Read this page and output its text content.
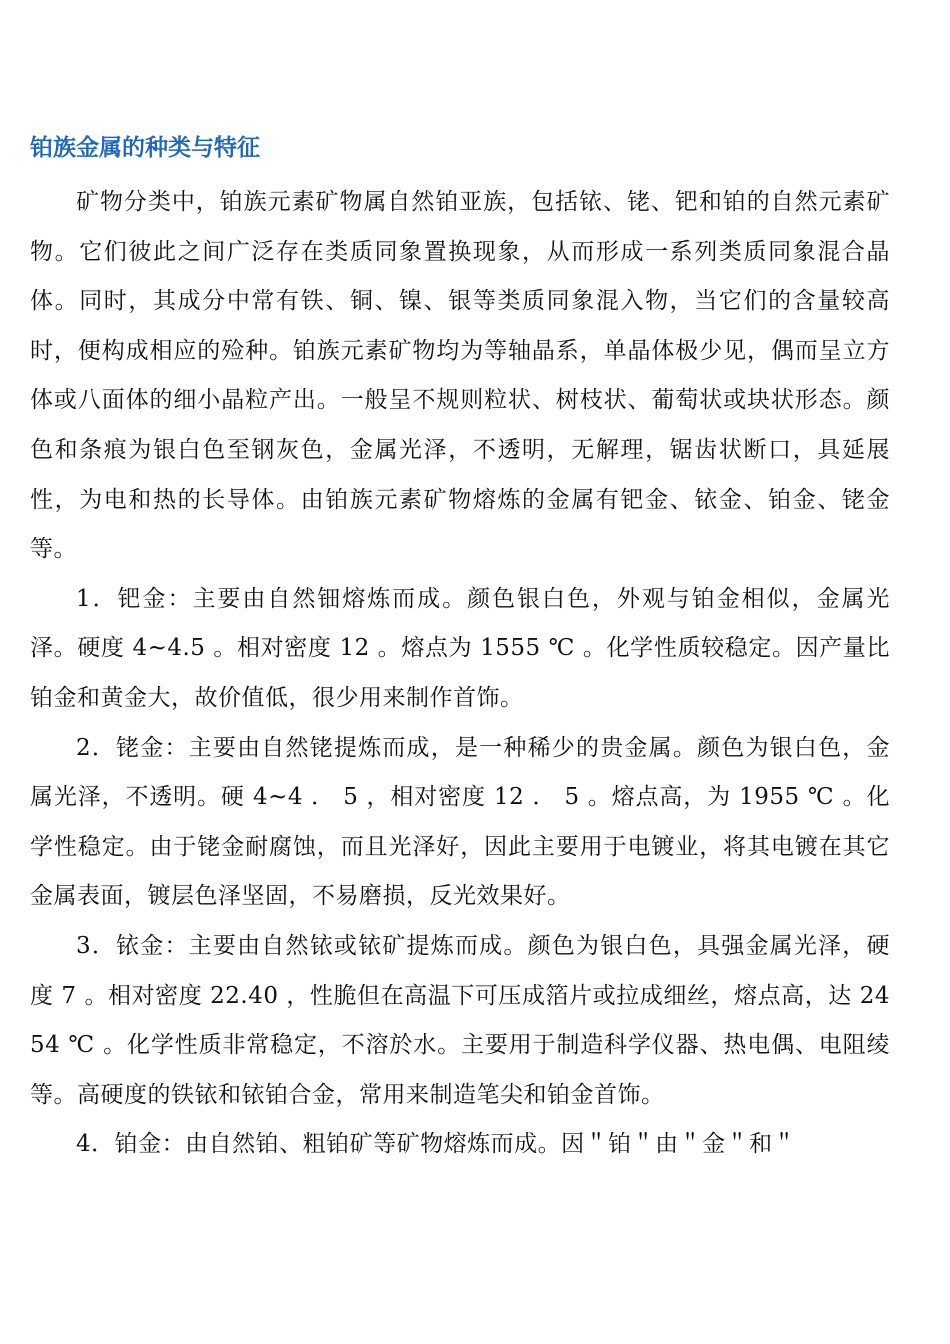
铂族金属的种类与特征

矿物分类中，铂族元素矿物属自然铂亚族，包括铱、铑、钯和铂的自然元素矿物。它们彼此之间广泛存在类质同象置换现象，从而形成一系列类质同象混合晶体。同时，其成分中常有铁、铜、镍、银等类质同象混入物，当它们的含量较高时，便构成相应的殓种。铂族元素矿物均为等轴晶系，单晶体极少见，偶而呈立方体或八面体的细小晶粒产出。一般呈不规则粒状、树枝状、葡萄状或块状形态。颜色和条痕为银白色至钢灰色，金属光泽，不透明，无解理，锯齿状断口，具延展性，为电和热的长导体。由铂族元素矿物熔炼的金属有钯金、铱金、铂金、铑金等。

1．钯金：主要由自然钿熔炼而成。颜色银白色，外观与铂金相似，金属光泽。硬度 4~4.5 。相对密度 12 。熔点为 1555 ℃ 。化学性质较稳定。因产量比铂金和黄金大，故价值低，很少用来制作首饰。

2．铑金：主要由自然铑提炼而成，是一种稀少的贵金属。颜色为银白色，金属光泽，不透明。硬 4~4 ． 5 ，相对密度 12 ． 5 。熔点高，为 1955 ℃ 。化学性稳定。由于铑金耐腐蚀，而且光泽好，因此主要用于电镀业，将其电镀在其它金属表面，镀层色泽坚固，不易磨损，反光效果好。

3．铱金：主要由自然铱或铱矿提炼而成。颜色为银白色，具强金属光泽，硬度 7 。相对密度 22.40 ，性脆但在高温下可压成箔片或拉成细丝，熔点高，达 2454 ℃ 。化学性质非常稳定，不溶於水。主要用于制造科学仪器、热电偶、电阻绫等。高硬度的铁铱和铱铂合金，常用来制造笔尖和铂金首饰。

4．铂金：由自然铂、粗铂矿等矿物熔炼而成。因＂铂＂由＂金＂和＂
